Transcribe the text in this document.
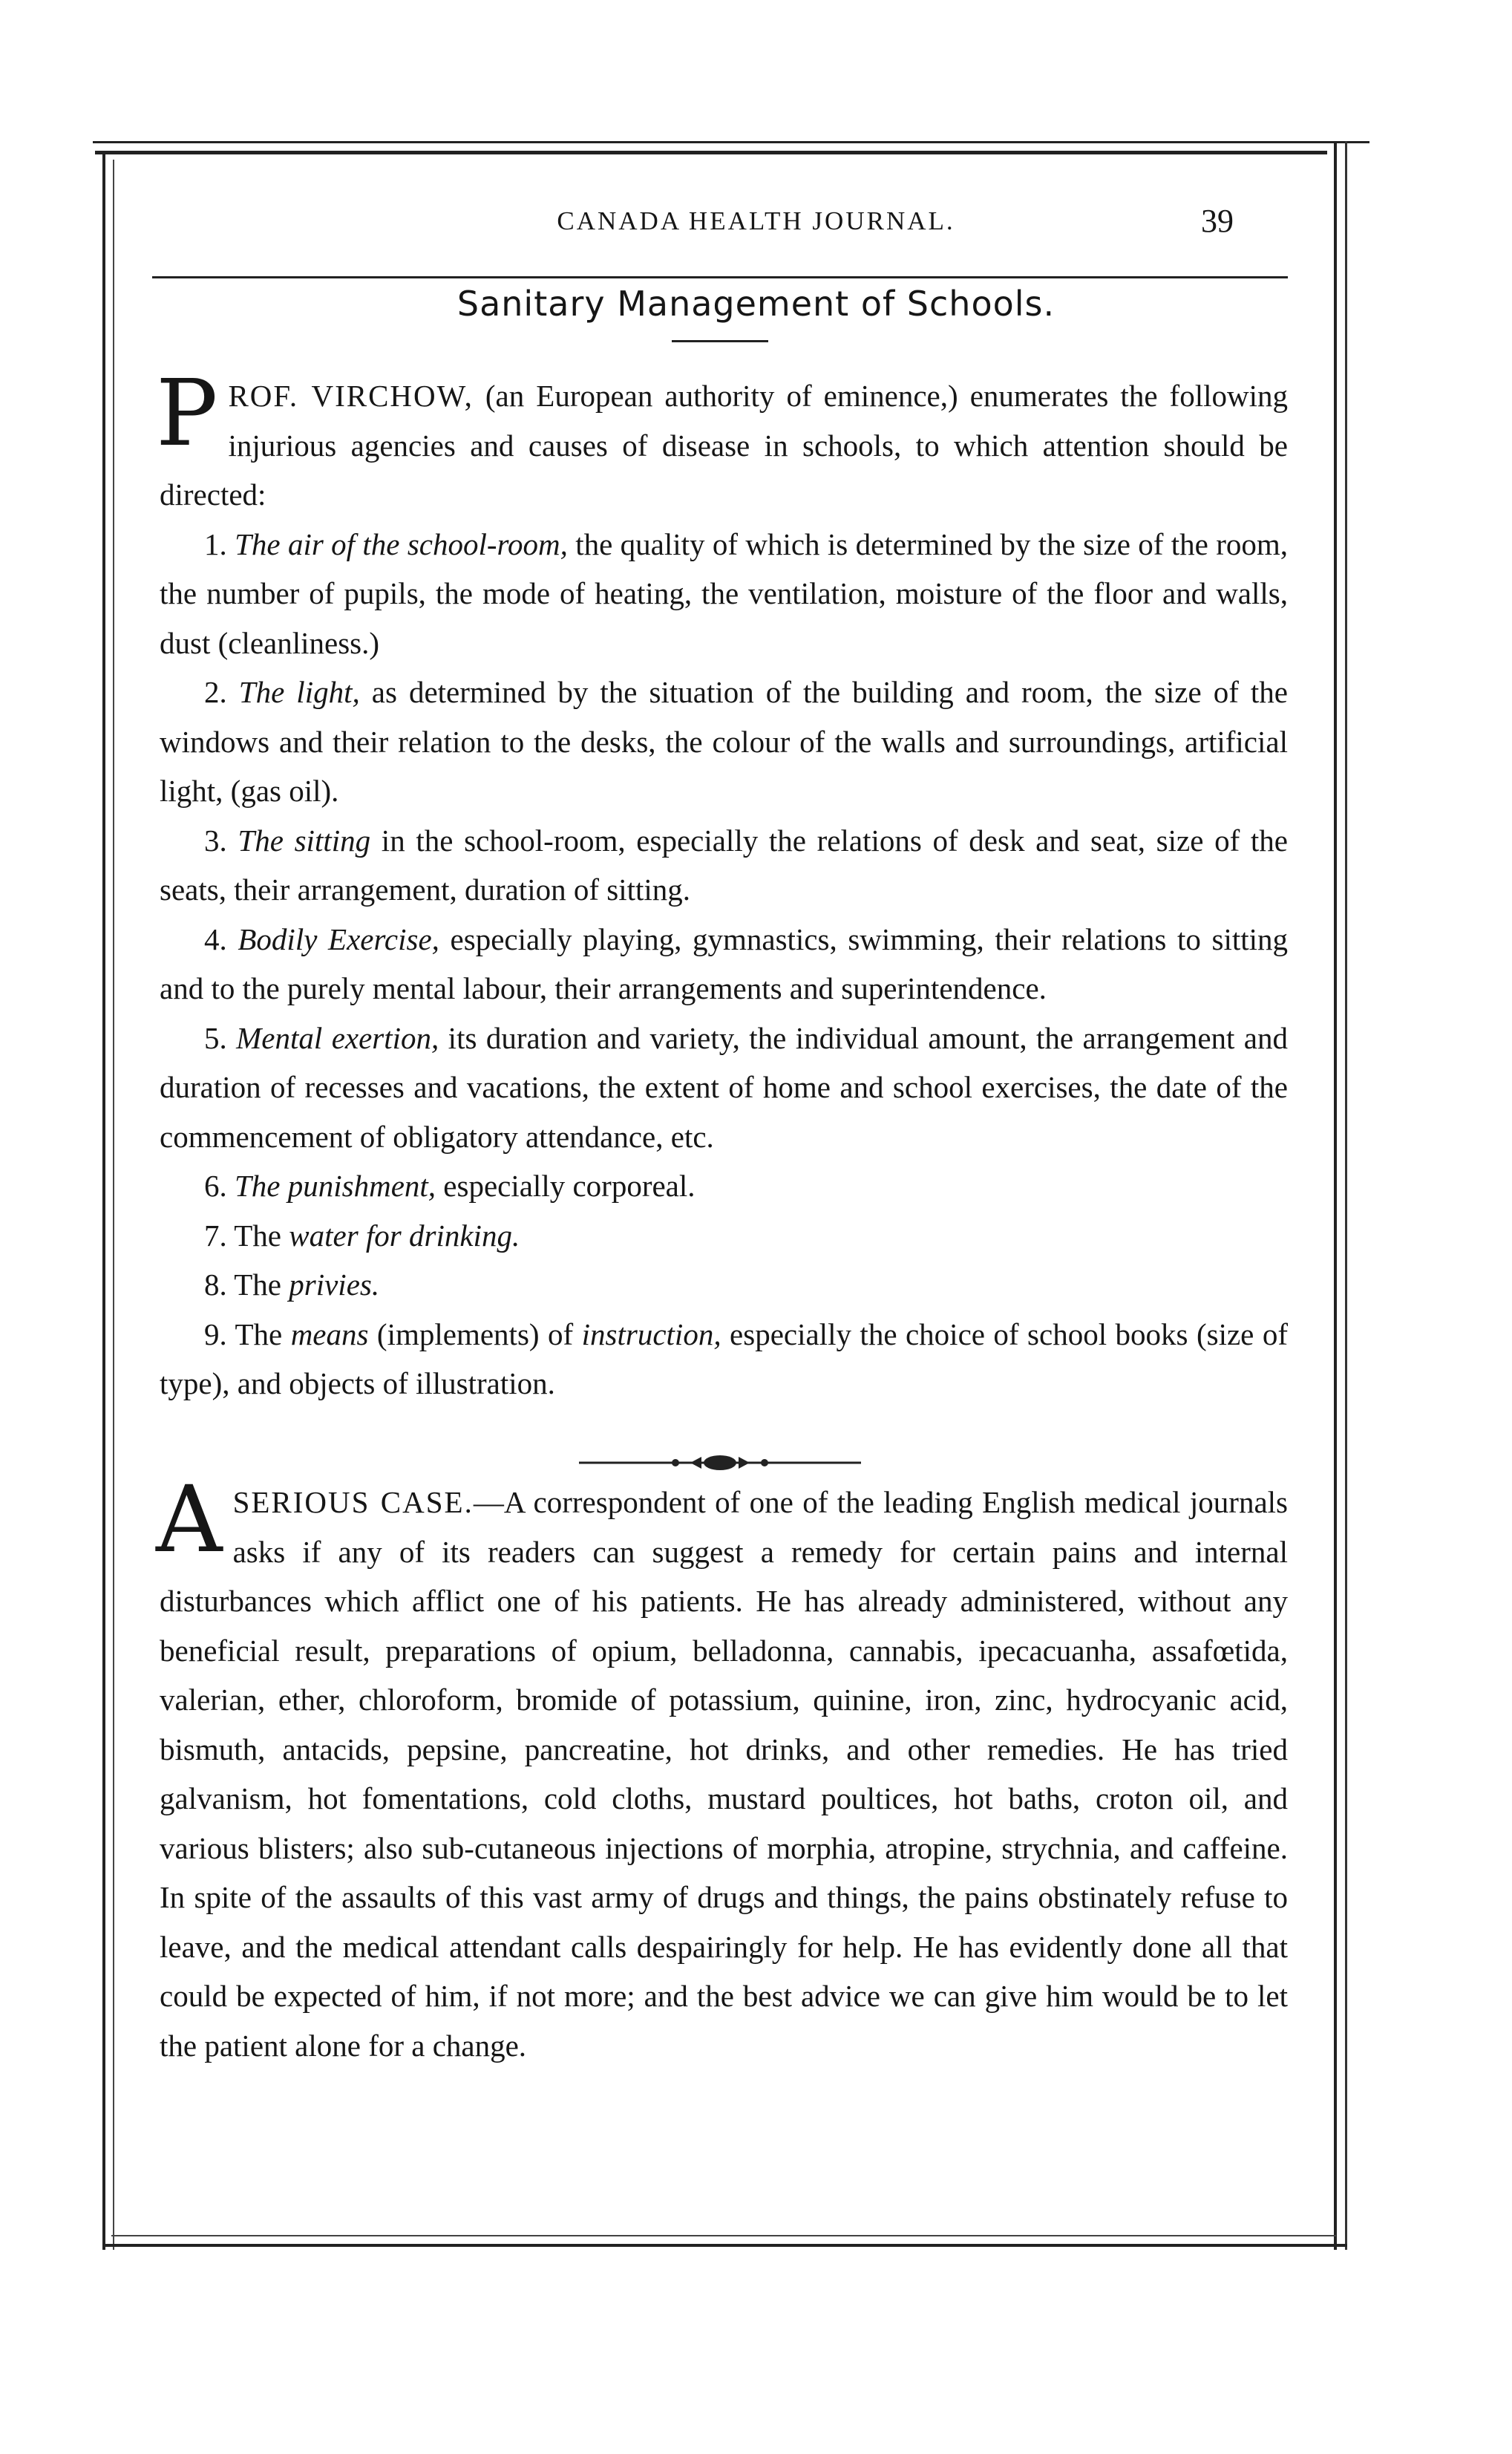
CANADA HEALTH JOURNAL.	39
Sanitary Management of Schools.

PROF. VIRCHOW, (an European authority of eminence,) enumerates the following injurious agencies and causes of disease in schools, to which attention should be directed:

1. The air of the school-room, the quality of which is determined by the size of the room, the number of pupils, the mode of heating, the ventilation, moisture of the floor and walls, dust (cleanliness.)

2. The light, as determined by the situation of the building and room, the size of the windows and their relation to the desks, the colour of the walls and surroundings, artificial light, (gas oil).

3. The sitting in the school-room, especially the relations of desk and seat, size of the seats, their arrangement, duration of sitting.

4. Bodily Exercise, especially playing, gymnastics, swimming, their relations to sitting and to the purely mental labour, their arrangements and superintendence.

5. Mental exertion, its duration and variety, the individual amount, the arrangement and duration of recesses and vacations, the extent of home and school exercises, the date of the commencement of obligatory attendance, etc.

6. The punishment, especially corporeal.

7. The water for drinking.

8. The privies.

9. The means (implements) of instruction, especially the choice of school books (size of type), and objects of illustration.

ASERIOUS CASE.—A correspondent of one of the leading English medical journals asks if any of its readers can suggest a remedy for certain pains and internal disturbances which afflict one of his patients. He has already administered, without any beneficial result, preparations of opium, belladonna, cannabis, ipecacuanha, assafœtida, valerian, ether, chloroform, bromide of potassium, quinine, iron, zinc, hydrocyanic acid, bismuth, antacids, pepsine, pancreatine, hot drinks, and other remedies. He has tried galvanism, hot fomentations, cold cloths, mustard poultices, hot baths, croton oil, and various blisters; also sub-cutaneous injections of morphia, atropine, strychnia, and caffeine. In spite of the assaults of this vast army of drugs and things, the pains obstinately refuse to leave, and the medical attendant calls despairingly for help. He has evidently done all that could be expected of him, if not more; and the best advice we can give him would be to let the patient alone for a change.
